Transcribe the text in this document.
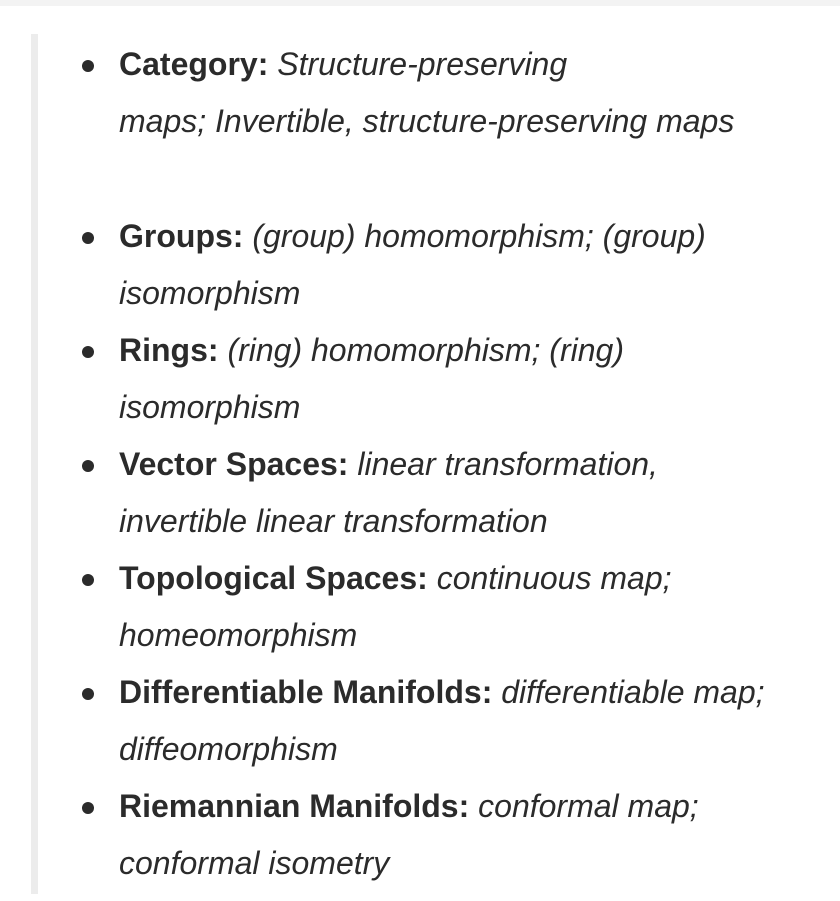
Category: Structure-preserving
maps; Invertible, structure-preserving maps
Groups: (group) homomorphism; (group)
isomorphism
Rings: (ring) homomorphism; (ring)
isomorphism
Vector Spaces: linear transformation,
invertible linear transformation
Topological Spaces: continuous map;
homeomorphism
Differentiable Manifolds: differentiable map;
diffeomorphism
Riemannian Manifolds: conformal map;
conformal isometry
